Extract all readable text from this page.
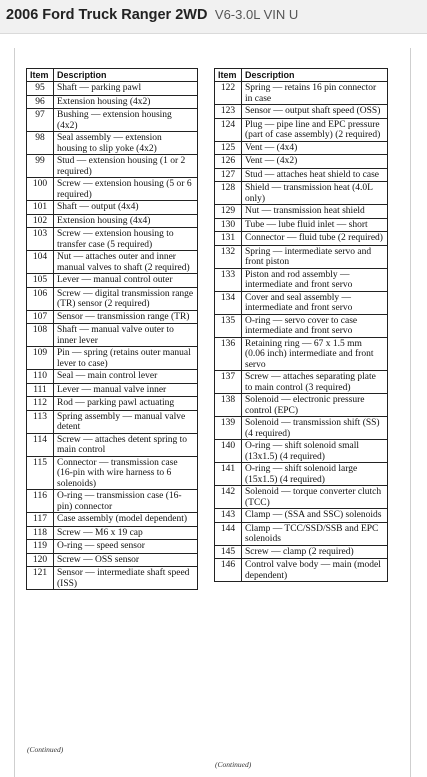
2006 Ford Truck Ranger 2WD V6-3.0L VIN U
Item	Description
95	Shaft — parking pawl
96	Extension housing (4x2)
97	Bushing — extension housing (4x2)
98	Seal assembly — extension housing to slip yoke (4x2)
99	Stud — extension housing (1 or 2 required)
100	Screw — extension housing (5 or 6 required)
101	Shaft — output (4x4)
102	Extension housing (4x4)
103	Screw — extension housing to transfer case (5 required)
104	Nut — attaches outer and inner manual valves to shaft (2 required)
105	Lever — manual control outer
106	Screw — digital transmission range (TR) sensor (2 required)
107	Sensor — transmission range (TR)
108	Shaft — manual valve outer to inner lever
109	Pin — spring (retains outer manual lever to case)
110	Seal — main control lever
111	Lever — manual valve inner
112	Rod — parking pawl actuating
113	Spring assembly — manual valve detent
114	Screw — attaches detent spring to main control
115	Connector — transmission case (16-pin with wire harness to 6 solenoids)
116	O-ring — transmission case (16-pin) connector
117	Case assembly (model dependent)
118	Screw — M6 x 19 cap
119	O-ring — speed sensor
120	Screw — OSS sensor
121	Sensor — intermediate shaft speed (ISS)
Item	Description
122	Spring — retains 16 pin connector in case
123	Sensor — output shaft speed (OSS)
124	Plug — pipe line and EPC pressure (part of case assembly) (2 required)
125	Vent — (4x4)
126	Vent — (4x2)
127	Stud — attaches heat shield to case
128	Shield — transmission heat (4.0L only)
129	Nut — transmission heat shield
130	Tube — lube fluid inlet — short
131	Connector — fluid tube (2 required)
132	Spring — intermediate servo and front piston
133	Piston and rod assembly — intermediate and front servo
134	Cover and seal assembly — intermediate and front servo
135	O-ring — servo cover to case intermediate and front servo
136	Retaining ring — 67 x 1.5 mm (0.06 inch) intermediate and front servo
137	Screw — attaches separating plate to main control (3 required)
138	Solenoid — electronic pressure control (EPC)
139	Solenoid — transmission shift (SS) (4 required)
140	O-ring — shift solenoid small (13x1.5) (4 required)
141	O-ring — shift solenoid large (15x1.5) (4 required)
142	Solenoid — torque converter clutch (TCC)
143	Clamp — (SSA and SSC) solenoids
144	Clamp — TCC/SSD/SSB and EPC solenoids
145	Screw — clamp (2 required)
146	Control valve body — main (model dependent)
(Continued)
(Continued)
